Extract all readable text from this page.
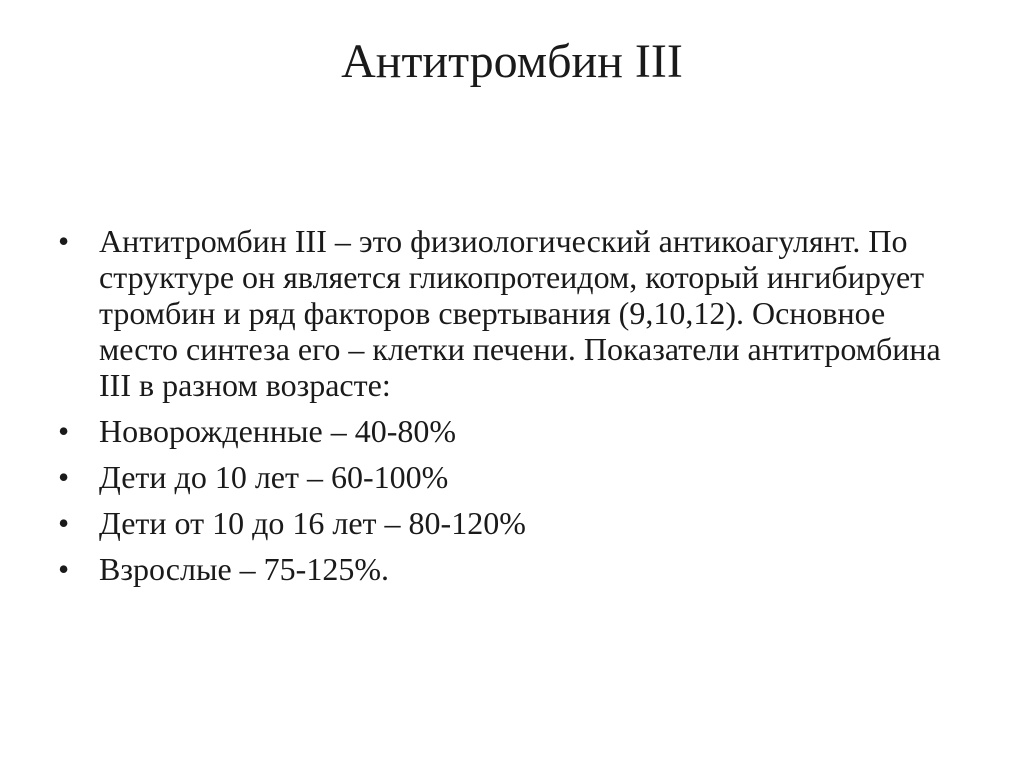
Антитромбин III
• Антитромбин III – это физиологический антикоагулянт. По структуре он является гликопротеидом, который ингибирует тромбин и ряд факторов свертывания (9,10,12). Основное место синтеза его – клетки печени. Показатели антитромбина III в разном возрасте:
• Новорожденные – 40-80%
• Дети до 10 лет – 60-100%
• Дети от 10 до 16 лет – 80-120%
• Взрослые – 75-125%.
